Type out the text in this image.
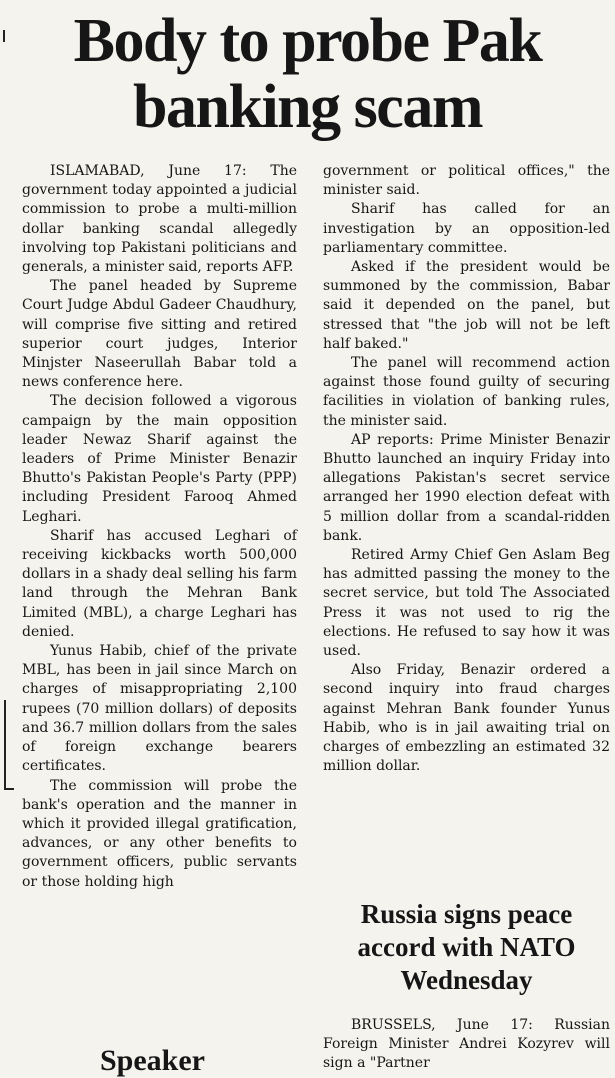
Body to probe Pak banking scam

ISLAMABAD, June 17: The government today appointed a judicial commission to probe a multi-million dollar banking scandal allegedly involving top Pakistani politicians and generals, a minister said, reports AFP.

The panel headed by Supreme Court Judge Abdul Gadeer Chaudhury, will comprise five sitting and retired superior court judges, Interior Minjster Naseerullah Babar told a news conference here.

The decision followed a vigorous campaign by the main opposition leader Newaz Sharif against the leaders of Prime Minister Benazir Bhutto's Pakistan People's Party (PPP) including President Farooq Ahmed Leghari.

Sharif has accused Leghari of receiving kickbacks worth 500,000 dollars in a shady deal selling his farm land through the Mehran Bank Limited (MBL), a charge Leghari has denied.

Yunus Habib, chief of the private MBL, has been in jail since March on charges of misappropriating 2,100 rupees (70 million dollars) of deposits and 36.7 million dollars from the sales of foreign exchange bearers certificates.

The commission will probe the bank's operation and the manner in which it provided illegal gratification, advances, or any other benefits to government officers, public servants or those holding high

government or political offices," the minister said.

Sharif has called for an investigation by an opposition-led parliamentary committee.

Asked if the president would be summoned by the commission, Babar said it depended on the panel, but stressed that "the job will not be left half baked."

The panel will recommend action against those found guilty of securing facilities in violation of banking rules, the minister said.

AP reports: Prime Minister Benazir Bhutto launched an inquiry Friday into allegations Pakistan's secret service arranged her 1990 election defeat with 5 million dollar from a scandal-ridden bank.

Retired Army Chief Gen Aslam Beg has admitted passing the money to the secret service, but told The Associated Press it was not used to rig the elections. He refused to say how it was used.

Also Friday, Benazir ordered a second inquiry into fraud charges against Mehran Bank founder Yunus Habib, who is in jail awaiting trial on charges of embezzling an estimated 32 million dollar.

Russia signs peace accord with NATO Wednesday

BRUSSELS, June 17: Russian Foreign Minister Andrei Kozyrev will sign a "Partner

Speaker
